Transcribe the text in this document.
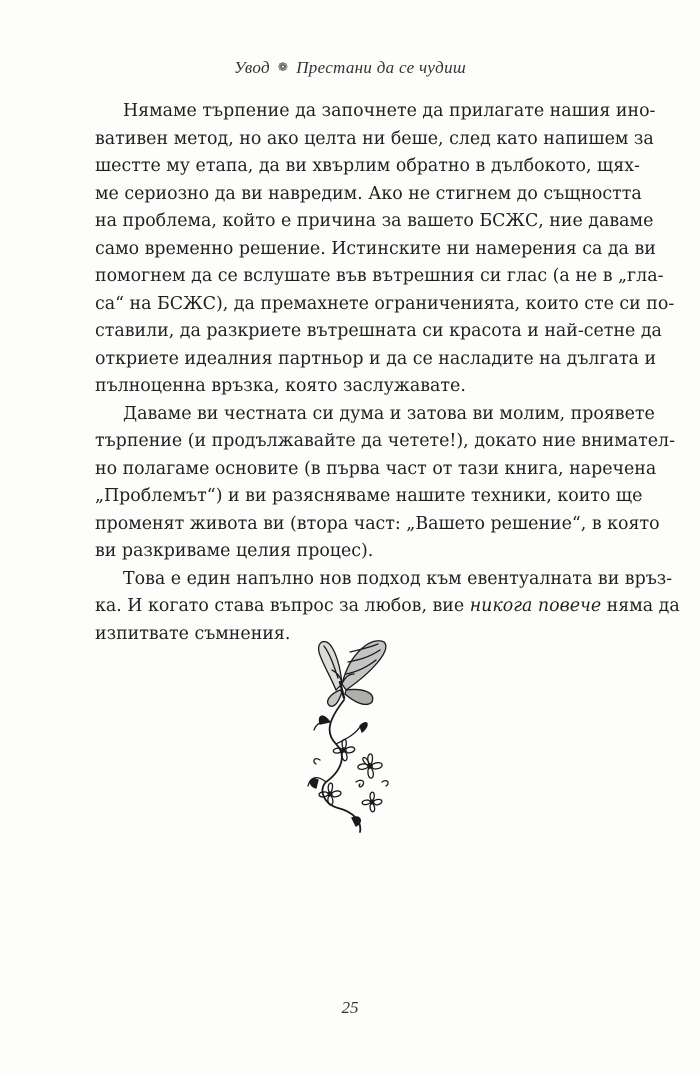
Увод ❁ Престани да се чудиш
Нямаме търпение да започнете да прилагате нашия ино-
вативен метод, но ако целта ни беше, след като напишем за
шестте му етапа, да ви хвърлим обратно в дълбокото, щях-
ме сериозно да ви навредим. Ако не стигнем до същността
на проблема, който е причина за вашето БСЖС, ние даваме
само временно решение. Истинските ни намерения са да ви
помогнем да се вслушате във вътрешния си глас (а не в „гла-
са“ на БСЖС), да премахнете ограниченията, които сте си по-
ставили, да разкриете вътрешната си красота и най-сетне да
откриете идеалния партньор и да се насладите на дългата и
пълноценна връзка, която заслужавате.
Даваме ви честната си дума и затова ви молим, проявете
търпение (и продължавайте да четете!), докато ние внимател-
но полагаме основите (в първа част от тази книга, наречена
„Проблемът“) и ви разясняваме нашите техники, които ще
променят живота ви (втора част: „Вашето решение“, в която
ви разкриваме целия процес).
Това е един напълно нов подход към евентуалната ви връз-
ка. И когато става въпрос за любов, вие никога повече няма да
изпитвате съмнения.
25
